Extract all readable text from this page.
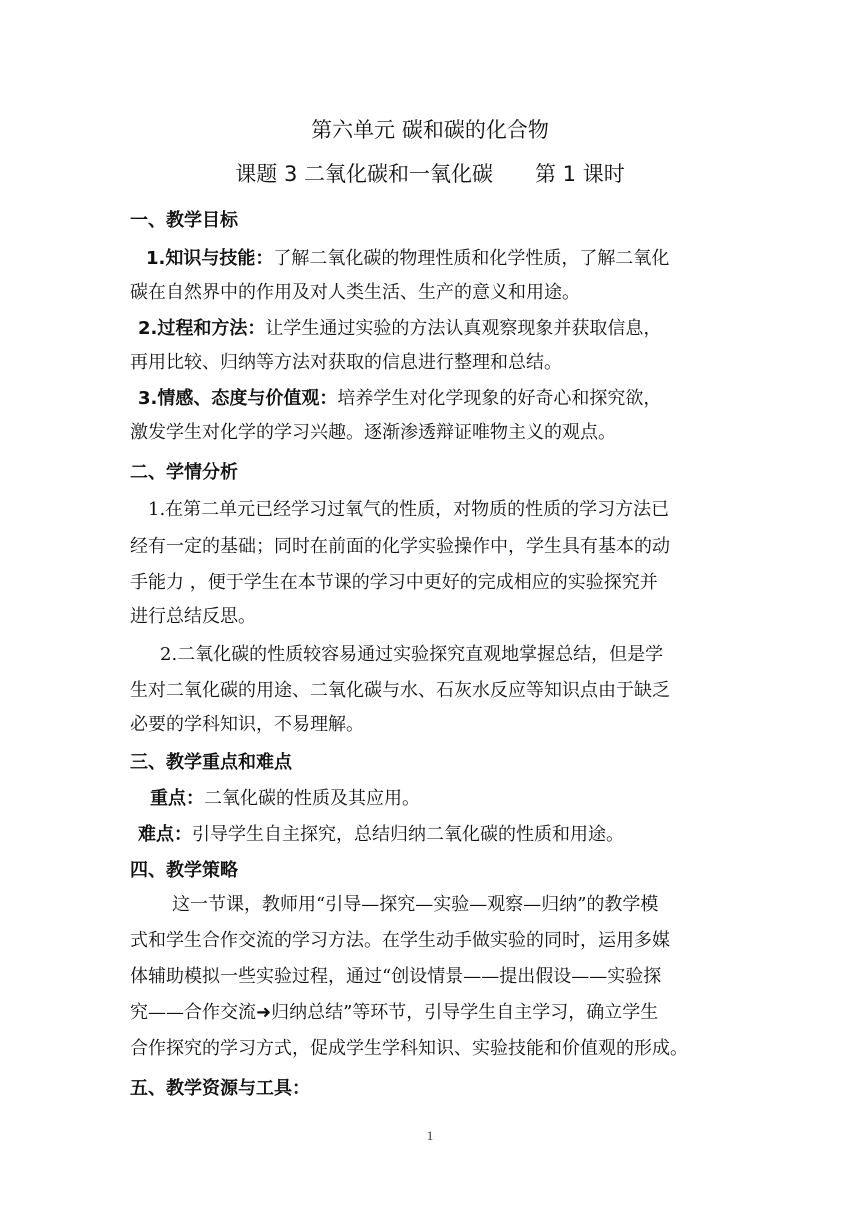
第六单元 碳和碳的化合物
课题 3 二氧化碳和一氧化碳　　第 1 课时
一、教学目标
1.知识与技能：了解二氧化碳的物理性质和化学性质，了解二氧化
碳在自然界中的作用及对人类生活、生产的意义和用途。
2.过程和方法：让学生通过实验的方法认真观察现象并获取信息，
再用比较、归纳等方法对获取的信息进行整理和总结。
3.情感、态度与价值观：培养学生对化学现象的好奇心和探究欲，
激发学生对化学的学习兴趣。逐渐渗透辩证唯物主义的观点。
二、学情分析
1.在第二单元已经学习过氧气的性质，对物质的性质的学习方法已
经有一定的基础；同时在前面的化学实验操作中，学生具有基本的动
手能力 ，便于学生在本节课的学习中更好的完成相应的实验探究并
进行总结反思。
2.二氧化碳的性质较容易通过实验探究直观地掌握总结，但是学
生对二氧化碳的用途、二氧化碳与水、石灰水反应等知识点由于缺乏
必要的学科知识，不易理解。
三、教学重点和难点
重点：二氧化碳的性质及其应用。
难点：引导学生自主探究，总结归纳二氧化碳的性质和用途。
四、教学策略
这一节课，教师用“引导—探究—实验—观察—归纳”的教学模
式和学生合作交流的学习方法。在学生动手做实验的同时，运用多媒
体辅助模拟一些实验过程，通过“创设情景——提出假设——实验探
究——合作交流➜归纳总结”等环节，引导学生自主学习，确立学生
合作探究的学习方式，促成学生学科知识、实验技能和价值观的形成。
五、教学资源与工具：
1
